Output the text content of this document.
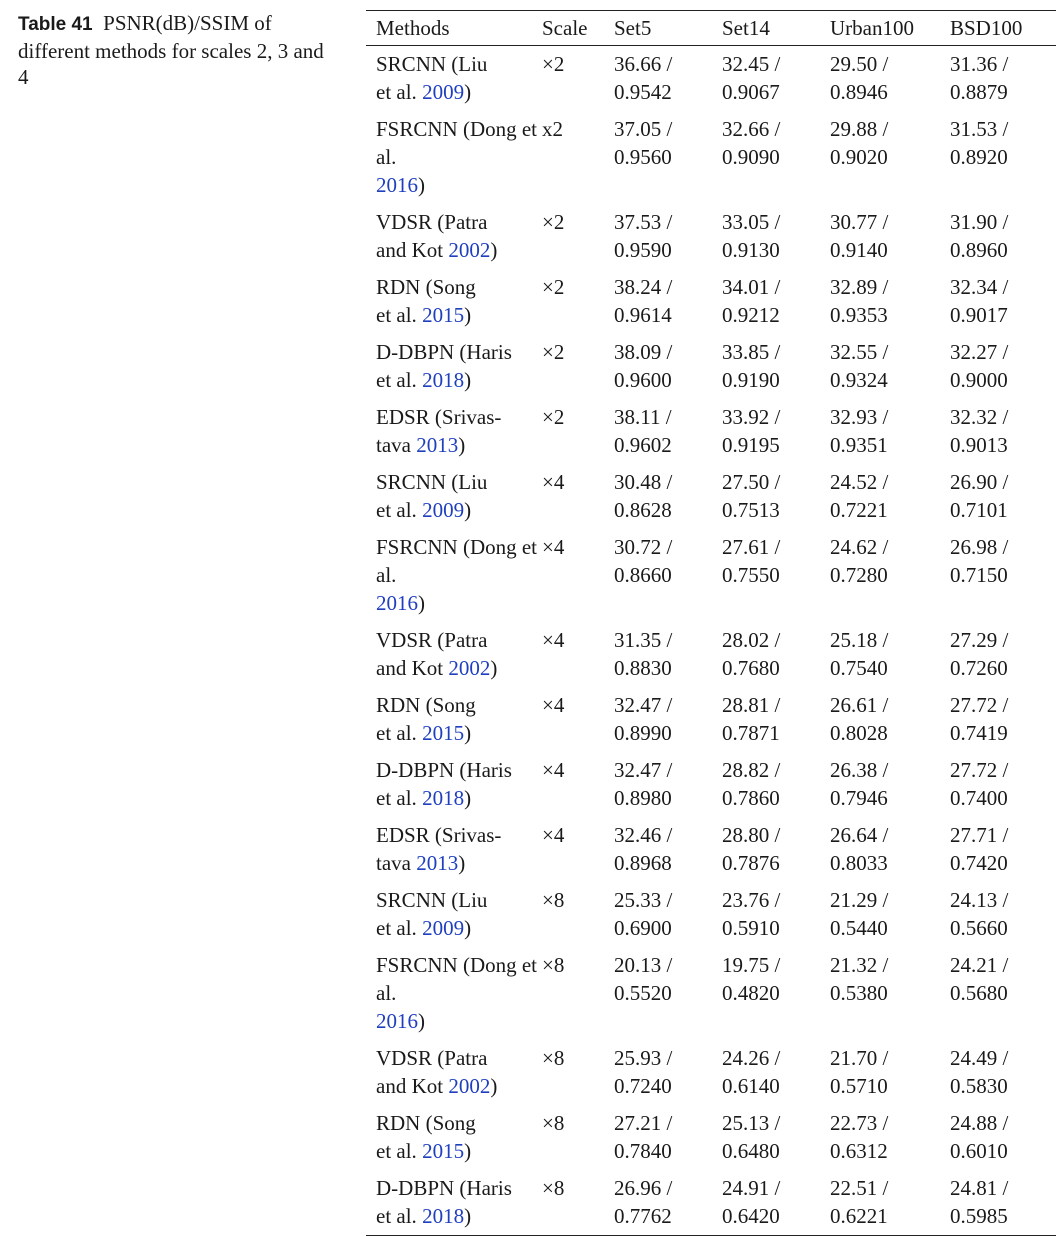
Table 41 PSNR(dB)/SSIM of different methods for scales 2, 3 and 4
Methods	Scale	Set5	Set14	Urban100	BSD100

SRCNN (Liu
et al. 2009)	×2	36.66 /
0.9542	32.45 /
0.9067	29.50 /
0.8946	31.36 /
0.8879

FSRCNN (Dong et al.
2016)	x2	37.05 /
0.9560	32.66 /
0.9090	29.88 /
0.9020	31.53 /
0.8920

VDSR (Patra
and Kot 2002)	×2	37.53 /
0.9590	33.05 /
0.9130	30.77 /
0.9140	31.90 /
0.8960

RDN (Song
et al. 2015)	×2	38.24 /
0.9614	34.01 /
0.9212	32.89 /
0.9353	32.34 /
0.9017

D-DBPN (Haris
et al. 2018)	×2	38.09 /
0.9600	33.85 /
0.9190	32.55 /
0.9324	32.27 /
0.9000

EDSR (Srivas-
tava 2013)	×2	38.11 /
0.9602	33.92 /
0.9195	32.93 /
0.9351	32.32 /
0.9013

SRCNN (Liu
et al. 2009)	×4	30.48 /
0.8628	27.50 /
0.7513	24.52 /
0.7221	26.90 /
0.7101

FSRCNN (Dong et al.
2016)	×4	30.72 /
0.8660	27.61 /
0.7550	24.62 /
0.7280	26.98 /
0.7150

VDSR (Patra
and Kot 2002)	×4	31.35 /
0.8830	28.02 /
0.7680	25.18 /
0.7540	27.29 /
0.7260

RDN (Song
et al. 2015)	×4	32.47 /
0.8990	28.81 /
0.7871	26.61 /
0.8028	27.72 /
0.7419

D-DBPN (Haris
et al. 2018)	×4	32.47 /
0.8980	28.82 /
0.7860	26.38 /
0.7946	27.72 /
0.7400

EDSR (Srivas-
tava 2013)	×4	32.46 /
0.8968	28.80 /
0.7876	26.64 /
0.8033	27.71 /
0.7420

SRCNN (Liu
et al. 2009)	×8	25.33 /
0.6900	23.76 /
0.5910	21.29 /
0.5440	24.13 /
0.5660

FSRCNN (Dong et al.
2016)	×8	20.13 /
0.5520	19.75 /
0.4820	21.32 /
0.5380	24.21 /
0.5680

VDSR (Patra
and Kot 2002)	×8	25.93 /
0.7240	24.26 /
0.6140	21.70 /
0.5710	24.49 /
0.5830

RDN (Song
et al. 2015)	×8	27.21 /
0.7840	25.13 /
0.6480	22.73 /
0.6312	24.88 /
0.6010

D-DBPN (Haris
et al. 2018)	×8	26.96 /
0.7762	24.91 /
0.6420	22.51 /
0.6221	24.81 /
0.5985
